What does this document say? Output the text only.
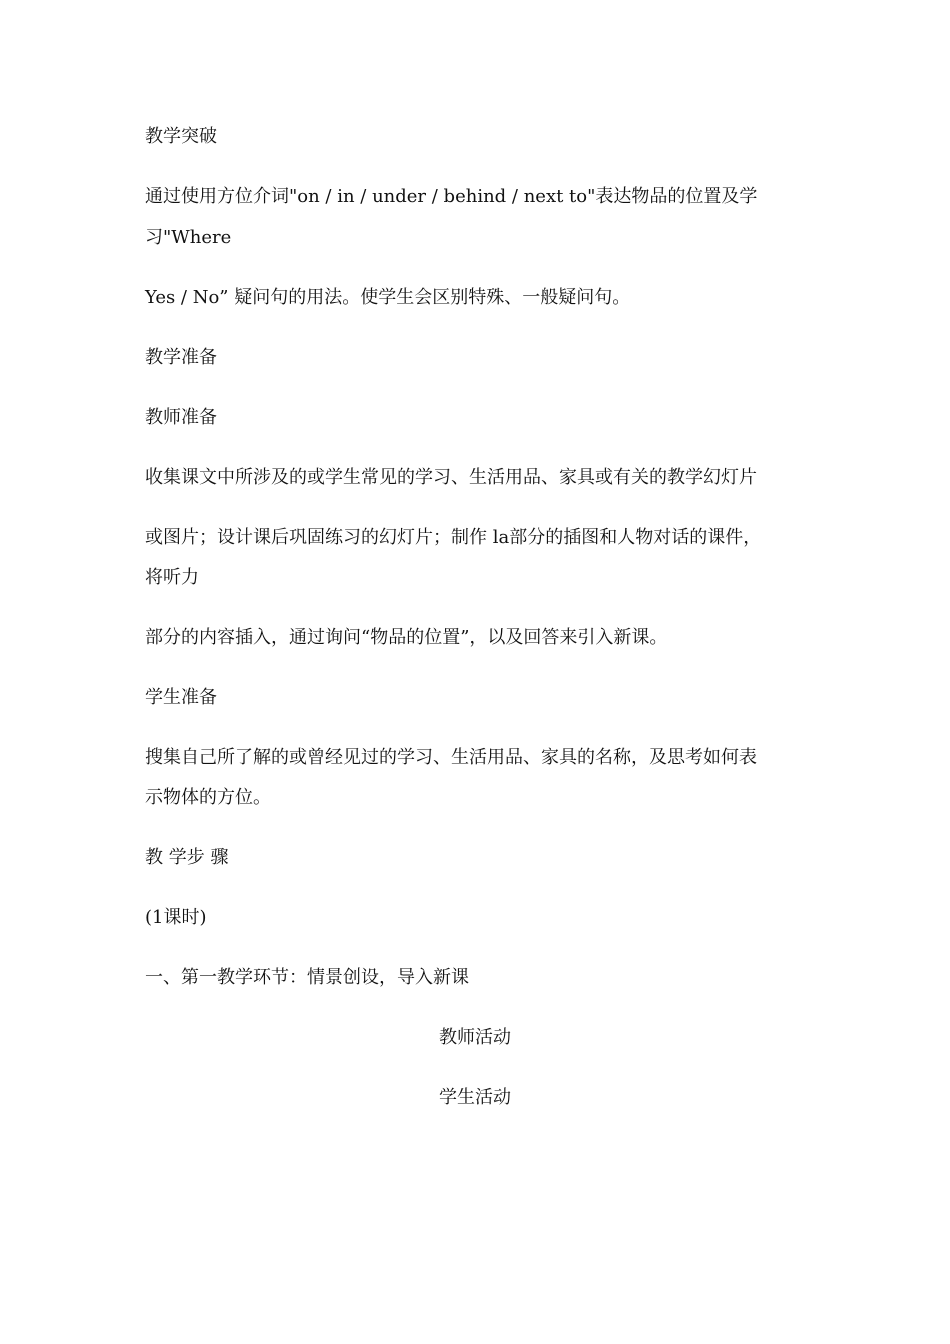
教学突破

通过使用方位介词"on / in / under / behind / next to"表达物品的位置及学

习"Where

Yes / No” 疑问句的用法。使学生会区别特殊、一般疑问句。

教学准备

教师准备

收集课文中所涉及的或学生常见的学习、生活用品、家具或有关的教学幻灯片

或图片；设计课后巩固练习的幻灯片；制作 la部分的插图和人物对话的课件，

将听力

部分的内容插入，通过询问“物品的位置”，以及回答来引入新课。

学生准备

搜集自己所了解的或曾经见过的学习、生活用品、家具的名称，及思考如何表

示物体的方位。

教 学步 骤

(1课时)

一、第一教学环节：情景创设，导入新课

教师活动

学生活动
